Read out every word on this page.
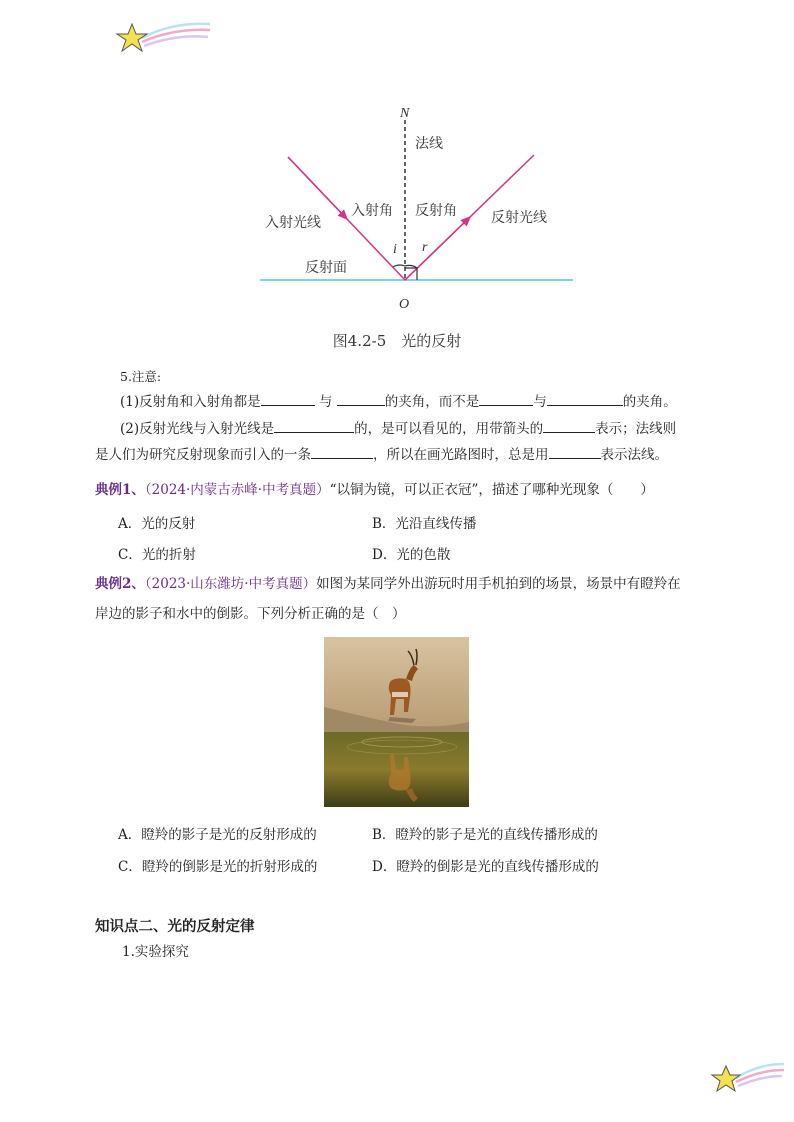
N
法线
入射光线
入射角 反射角 反射光线
i r
反射面
O
图4.2-5　光的反射
5.注意:
(1)反射角和入射角都是	与	的夹角，而不是	与	的夹角。
(2)反射光线与入射光线是	的，是可以看见的，用带箭头的	表示；法线则
是人们为研究反射现象而引入的一条	，所以在画光路图时，总是用	表示法线。
典例1、（2024·内蒙古赤峰·中考真题）“以铜为镜，可以正衣冠”，描述了哪种光现象（　　）
A．光的反射	B．光沿直线传播
C．光的折射	D．光的色散
典例2、（2023·山东潍坊·中考真题）如图为某同学外出游玩时用手机拍到的场景，场景中有瞪羚在
岸边的影子和水中的倒影。下列分析正确的是（　）
A．瞪羚的影子是光的反射形成的	B．瞪羚的影子是光的直线传播形成的
C．瞪羚的倒影是光的折射形成的	D．瞪羚的倒影是光的直线传播形成的
知识点二、光的反射定律
1.实验探究
